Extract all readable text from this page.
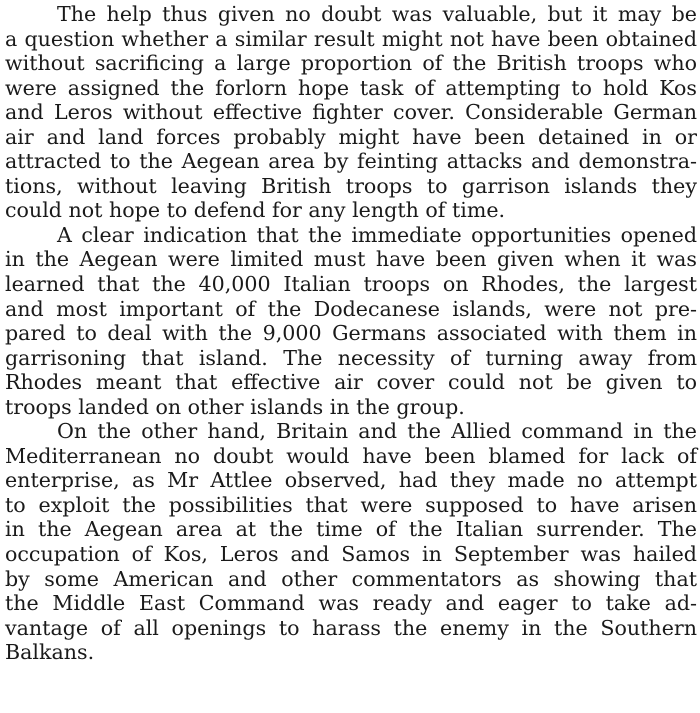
The help thus given no doubt was valuable, but it may be
a question whether a similar result might not have been obtained
without sacrificing a large proportion of the British troops who
were assigned the forlorn hope task of attempting to hold Kos
and Leros without effective fighter cover. Considerable German
air and land forces probably might have been detained in or
attracted to the Aegean area by feinting attacks and demonstra-
tions, without leaving British troops to garrison islands they
could not hope to defend for any length of time.
A clear indication that the immediate opportunities opened
in the Aegean were limited must have been given when it was
learned that the 40,000 Italian troops on Rhodes, the largest
and most important of the Dodecanese islands, were not pre-
pared to deal with the 9,000 Germans associated with them in
garrisoning that island. The necessity of turning away from
Rhodes meant that effective air cover could not be given to
troops landed on other islands in the group.
On the other hand, Britain and the Allied command in the
Mediterranean no doubt would have been blamed for lack of
enterprise, as Mr Attlee observed, had they made no attempt
to exploit the possibilities that were supposed to have arisen
in the Aegean area at the time of the Italian surrender. The
occupation of Kos, Leros and Samos in September was hailed
by some American and other commentators as showing that
the Middle East Command was ready and eager to take ad-
vantage of all openings to harass the enemy in the Southern
Balkans.
